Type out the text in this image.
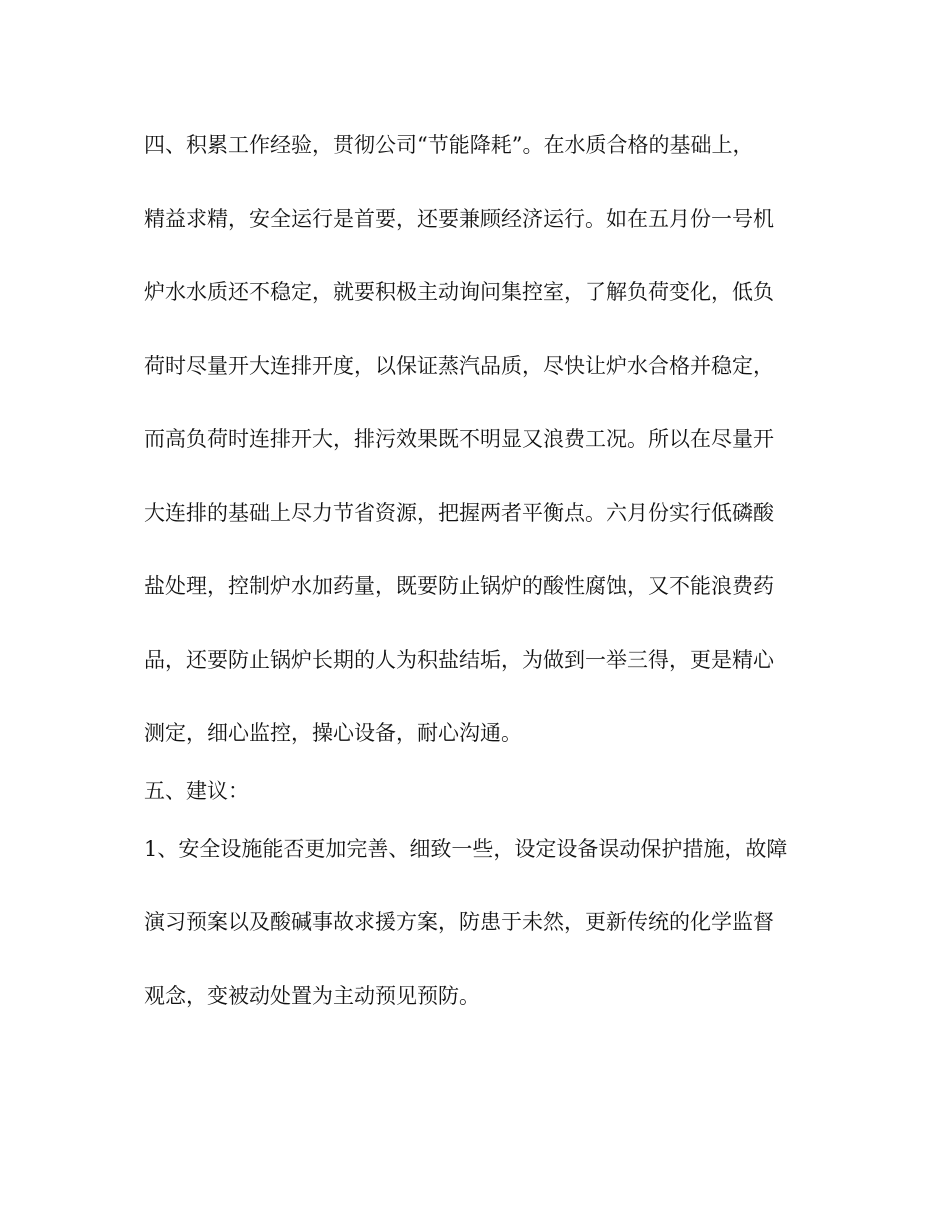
四、积累工作经验，贯彻公司“节能降耗”。在水质合格的基础上，
精益求精，安全运行是首要，还要兼顾经济运行。如在五月份一号机
炉水水质还不稳定，就要积极主动询问集控室，了解负荷变化，低负
荷时尽量开大连排开度，以保证蒸汽品质，尽快让炉水合格并稳定，
而高负荷时连排开大，排污效果既不明显又浪费工况。所以在尽量开
大连排的基础上尽力节省资源，把握两者平衡点。六月份实行低磷酸
盐处理，控制炉水加药量，既要防止锅炉的酸性腐蚀，又不能浪费药
品，还要防止锅炉长期的人为积盐结垢，为做到一举三得，更是精心
测定，细心监控，操心设备，耐心沟通。
五、建议：
1、安全设施能否更加完善、细致一些，设定设备误动保护措施，故障
演习预案以及酸碱事故求援方案，防患于未然，更新传统的化学监督
观念，变被动处置为主动预见预防。
